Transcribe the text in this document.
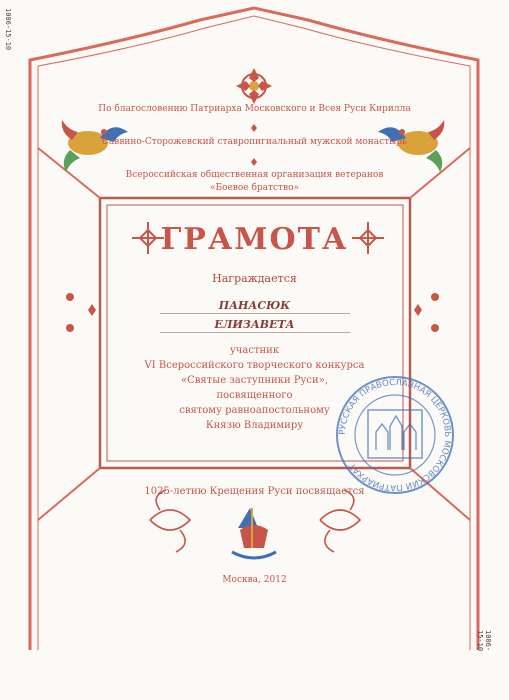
1006-15-10
1006-15-10
По благословению Патриарха Московского и Всея Руси Кирилла
Саввино-Сторожевский ставропигиальный мужской монастырь
Всероссийская общественная организация ветеранов
«Боевое братство»
ГРАМОТА
Награждается
ПАНАСЮК
ЕЛИЗАВЕТА
участник
VI Всероссийского творческого конкурса
«Святые заступники Руси»,
посвященного
святому равноапостольному
Князю Владимиру
1025-летию Крещения Руси посвящается
Москва, 2012
РУССКАЯ ПРАВОСЛАВНАЯ ЦЕРКОВЬ МОСКОВСКИЙ ПАТРИАРХАТ
